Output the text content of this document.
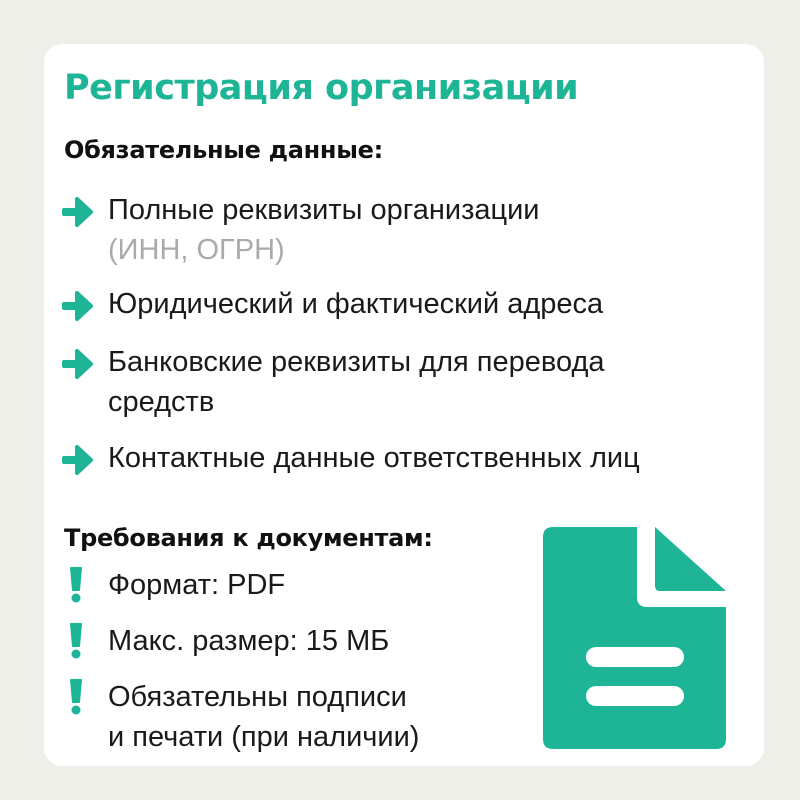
Регистрация организации
Обязательные данные:
Полные реквизиты организации
(ИНН, ОГРН)
Юридический и фактический адреса
Банковские реквизиты для перевода
средств
Контактные данные ответственных лиц
Требования к документам:
Формат: PDF
Макс. размер: 15 МБ
Обязательны подписи
и печати (при наличии)
